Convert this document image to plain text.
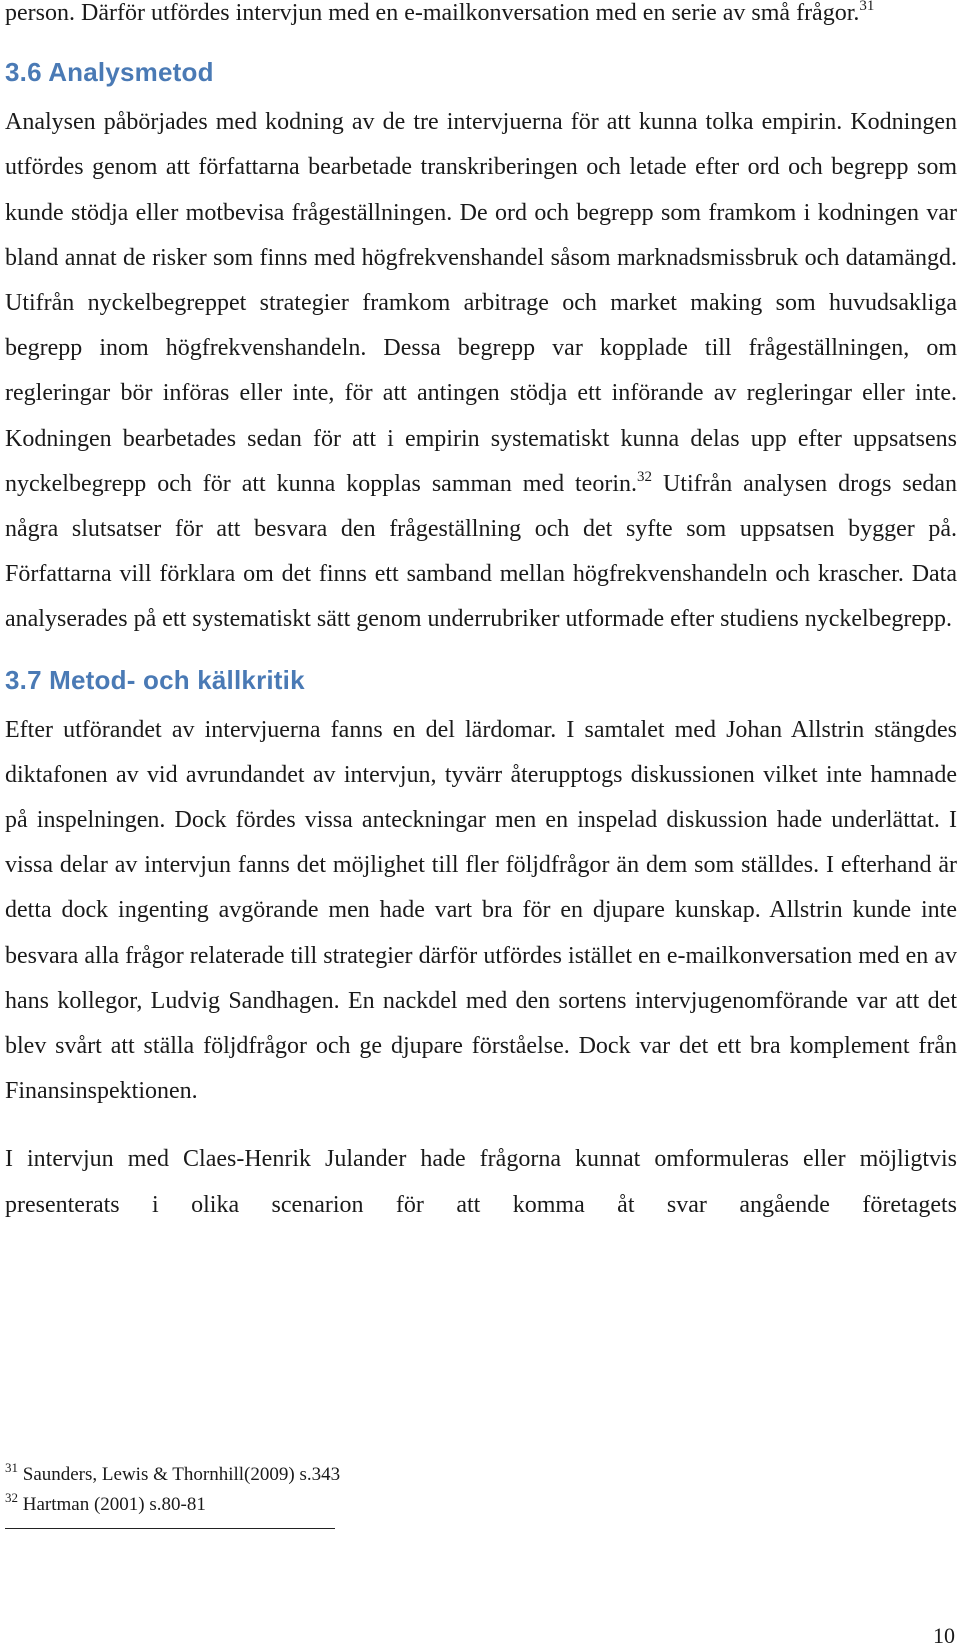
person. Därför utfördes intervjun med en e-mailkonversation med en serie av små frågor.$^{31}$

3.6 Analysmetod

Analysen påbörjades med kodning av de tre intervjuerna för att kunna tolka empirin. Kodningen utfördes genom att författarna bearbetade transkriberingen och letade efter ord och begrepp som kunde stödja eller motbevisa frågeställningen. De ord och begrepp som framkom i kodningen var bland annat de risker som finns med högfrekvenshandel såsom marknadsmissbruk och datamängd. Utifrån nyckelbegreppet strategier framkom arbitrage och market making som huvudsakliga begrepp inom högfrekvenshandeln. Dessa begrepp var kopplade till frågeställningen, om regleringar bör införas eller inte, för att antingen stödja ett införande av regleringar eller inte. Kodningen bearbetades sedan för att i empirin systematiskt kunna delas upp efter uppsatsens nyckelbegrepp och för att kunna kopplas samman med teorin.$^{32}$ Utifrån analysen drogs sedan några slutsatser för att besvara den frågeställning och det syfte som uppsatsen bygger på. Författarna vill förklara om det finns ett samband mellan högfrekvenshandeln och krascher. Data analyserades på ett systematiskt sätt genom underrubriker utformade efter studiens nyckelbegrepp.

3.7 Metod- och källkritik

Efter utförandet av intervjuerna fanns en del lärdomar. I samtalet med Johan Allstrin stängdes diktafonen av vid avrundandet av intervjun, tyvärr återupptogs diskussionen vilket inte hamnade på inspelningen. Dock fördes vissa anteckningar men en inspelad diskussion hade underlättat. I vissa delar av intervjun fanns det möjlighet till fler följdfrågor än dem som ställdes. I efterhand är detta dock ingenting avgörande men hade vart bra för en djupare kunskap. Allstrin kunde inte besvara alla frågor relaterade till strategier därför utfördes istället en e-mailkonversation med en av hans kollegor, Ludvig Sandhagen. En nackdel med den sortens intervjugenomförande var att det blev svårt att ställa följdfrågor och ge djupare förståelse. Dock var det ett bra komplement från Finansinspektionen.

I intervjun med Claes-Henrik Julander hade frågorna kunnat omformuleras eller möjligtvis presenterats i olika scenarion för att komma åt svar angående företagets

$^{31}$ Saunders, Lewis & Thornhill(2009) s.343

$^{32}$ Hartman (2001) s.80-81

10
